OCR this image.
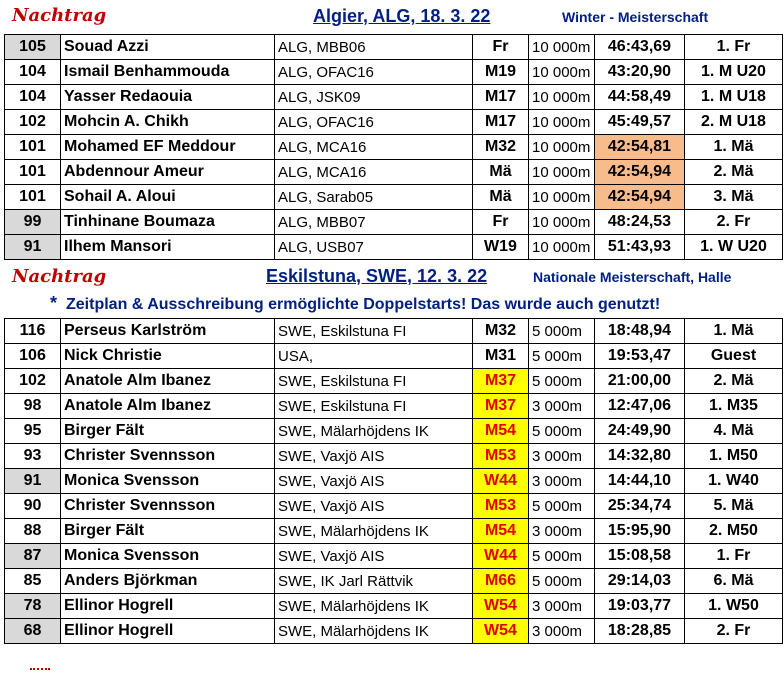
Nachtrag	Algier, ALG, 18. 3. 22	Winter - Meisterschaft
105	Souad Azzi	ALG, MBB06	Fr	10 000m	46:43,69	1. Fr
104	Ismail Benhammouda	ALG, OFAC16	M19	10 000m	43:20,90	1. M U20
104	Yasser Redaouia	ALG, JSK09	M17	10 000m	44:58,49	1. M U18
102	Mohcin A. Chikh	ALG, OFAC16	M17	10 000m	45:49,57	2. M U18
101	Mohamed EF Meddour	ALG, MCA16	M32	10 000m	42:54,81	1. Mä
101	Abdennour Ameur	ALG, MCA16	Mä	10 000m	42:54,94	2. Mä
101	Sohail A. Aloui	ALG, Sarab05	Mä	10 000m	42:54,94	3. Mä
99	Tinhinane Boumaza	ALG, MBB07	Fr	10 000m	48:24,53	2. Fr
91	Ilhem Mansori	ALG, USB07	W19	10 000m	51:43,93	1. W U20
Nachtrag	Eskilstuna, SWE, 12. 3. 22	Nationale Meisterschaft, Halle
* Zeitplan & Ausschreibung ermöglichte Doppelstarts! Das wurde auch genutzt!
116	Perseus Karlström	SWE, Eskilstuna FI	M32	5 000m	18:48,94	1. Mä
106	Nick Christie	USA,	M31	5 000m	19:53,47	Guest
102	Anatole Alm Ibanez	SWE, Eskilstuna FI	M37	5 000m	21:00,00	2. Mä
98	Anatole Alm Ibanez	SWE, Eskilstuna FI	M37	3 000m	12:47,06	1. M35
95	Birger Fält	SWE, Mälarhöjdens IK	M54	5 000m	24:49,90	4. Mä
93	Christer Svennsson	SWE, Vaxjö AIS	M53	3 000m	14:32,80	1. M50
91	Monica Svensson	SWE, Vaxjö AIS	W44	3 000m	14:44,10	1. W40
90	Christer Svennsson	SWE, Vaxjö AIS	M53	5 000m	25:34,74	5. Mä
88	Birger Fält	SWE, Mälarhöjdens IK	M54	3 000m	15:95,90	2. M50
87	Monica Svensson	SWE, Vaxjö AIS	W44	5 000m	15:08,58	1. Fr
85	Anders Björkman	SWE, IK Jarl Rättvik	M66	5 000m	29:14,03	6. Mä
78	Ellinor Hogrell	SWE, Mälarhöjdens IK	W54	3 000m	19:03,77	1. W50
68	Ellinor Hogrell	SWE, Mälarhöjdens IK	W54	3 000m	18:28,85	2. Fr
